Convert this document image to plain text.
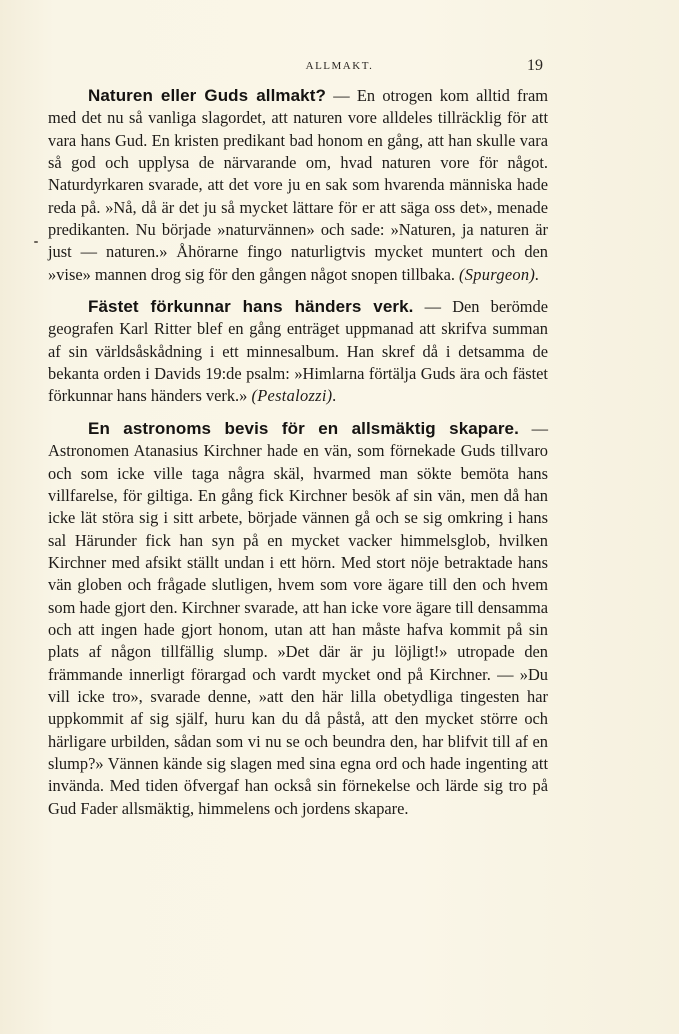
ALLMAKT.	19

Naturen eller Guds allmakt? — En otrogen kom alltid fram med det nu så vanliga slagordet, att naturen vore alldeles tillräcklig för att vara hans Gud. En kristen predikant bad honom en gång, att han skulle vara så god och upplysa de närvarande om, hvad naturen vore för något. Naturdyrkaren svarade, att det vore ju en sak som hvarenda människa hade reda på. »Nå, då är det ju så mycket lättare för er att säga oss det», menade predikanten. Nu började »naturvännen» och sade: »Naturen, ja naturen är just — naturen.» Åhörarne fingo naturligtvis mycket muntert och den »vise» mannen drog sig för den gången något snopen tillbaka. (Spurgeon).

Fästet förkunnar hans händers verk. — Den berömde geografen Karl Ritter blef en gång enträget uppmanad att skrifva summan af sin världsåskådning i ett minnesalbum. Han skref då i detsamma de bekanta orden i Davids 19:de psalm: »Himlarna förtälja Guds ära och fästet förkunnar hans händers verk.» (Pestalozzi).

En astronoms bevis för en allsmäktig skapare. — Astronomen Atanasius Kirchner hade en vän, som förnekade Guds tillvaro och som icke ville taga några skäl, hvarmed man sökte bemöta hans villfarelse, för giltiga. En gång fick Kirchner besök af sin vän, men då han icke lät störa sig i sitt arbete, började vännen gå och se sig omkring i hans sal Härunder fick han syn på en mycket vacker himmelsglob, hvilken Kirchner med afsikt ställt undan i ett hörn. Med stort nöje betraktade hans vän globen och frågade slutligen, hvem som vore ägare till den och hvem som hade gjort den. Kirchner svarade, att han icke vore ägare till densamma och att ingen hade gjort honom, utan att han måste hafva kommit på sin plats af någon tillfällig slump. »Det där är ju löjligt!» utropade den främmande innerligt förargad och vardt mycket ond på Kirchner. — »Du vill icke tro», svarade denne, »att den här lilla obetydliga tingesten har uppkommit af sig själf, huru kan du då påstå, att den mycket större och härligare urbilden, sådan som vi nu se och beundra den, har blifvit till af en slump?» Vännen kände sig slagen med sina egna ord och hade ingenting att invända. Med tiden öfvergaf han också sin förnekelse och lärde sig tro på Gud Fader allsmäktig, himmelens och jordens skapare.
